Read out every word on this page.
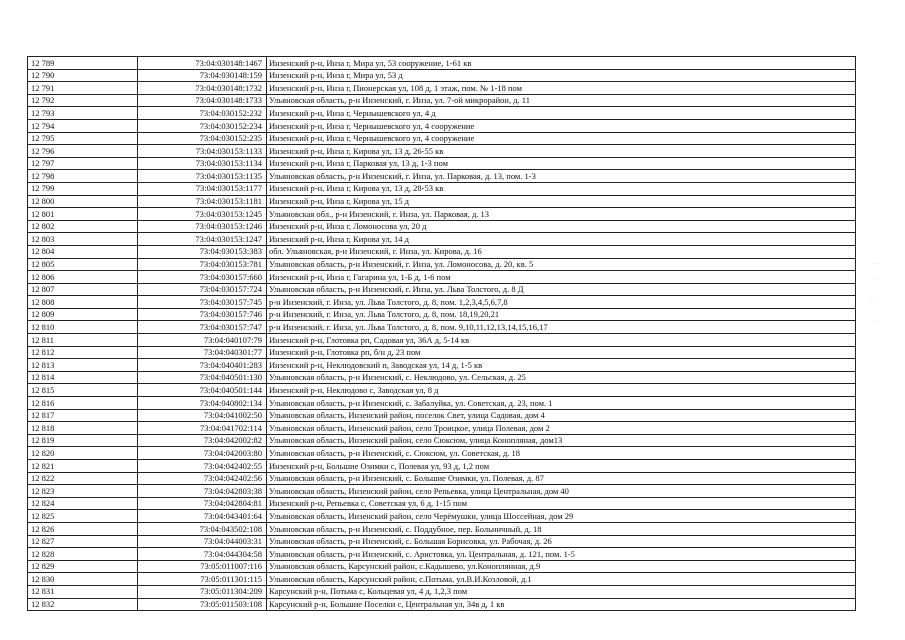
12 789	73:04:030148:1467	Инзенский р-н, Инза г, Мира ул, 53 сооружение, 1-61 кв
12 790	73:04:030148:159	Инзенский р-н, Инза г, Мира ул, 53 д
12 791	73:04:030148:1732	Инзенский р-н, Инза г, Пионерская ул, 108 д, 1 этаж, пом. № 1-18 пом
12 792	73:04:030148:1733	Ульяновская область, р-н Инзенский, г. Инза, ул. 7-ой микрорайон, д. 11
12 793	73:04:030152:232	Инзенский р-н, Инза г, Чернышевского ул, 4 д
12 794	73:04:030152:234	Инзенский р-н, Инза г, Чернышевского ул, 4 сооружение
12 795	73:04:030152:235	Инзенский р-н, Инза г, Чернышевского ул, 4 сооружение
12 796	73:04:030153:1133	Инзенский р-н, Инза г, Кирова ул, 13 д, 26-55 кв
12 797	73:04:030153:1134	Инзенский р-н, Инза г, Парковая ул, 13 д, 1-3 пом
12 798	73:04:030153:1135	Ульяновская область, р-н Инзенский, г. Инза, ул. Парковая, д. 13, пом. 1-3
12 799	73:04:030153:1177	Инзенский р-н, Инза г, Кирова ул, 13 д, 28-53 кв
12 800	73:04:030153:1181	Инзенский р-н, Инза г, Кирова ул, 15 д
12 801	73:04:030153:1245	Ульяновская обл., р-н Инзенский, г. Инза, ул. Парковая, д. 13
12 802	73:04:030153:1246	Инзенский р-н, Инза г, Ломоносова ул, 20 д
12 803	73:04:030153:1247	Инзенский р-н, Инза г, Кирова ул, 14 д
12 804	73:04:030153:383	обл. Ульяновская, р-н Инзенский, г. Инза, ул. Кирова, д. 16
12 805	73:04:030153:781	Ульяновская область, р-н Инзенский, г. Инза, ул. Ломоносова, д. 20, кв. 5
12 806	73:04:030157:660	Инзенский р-н, Инза г, Гагарина ул, 1-Б д, 1-6 пом
12 807	73:04:030157:724	Ульяновская область, р-н Инзенский, г. Инза, ул. Льва Толстого, д. 8 Д
12 808	73:04:030157:745	р-н Инзенский, г. Инза, ул. Льва Толстого, д. 8, пом. 1,2,3,4,5,6,7,8
12 809	73:04:030157:746	р-н Инзенский, г. Инза, ул. Льва Толстого, д. 8, пом. 18,19,20,21
12 810	73:04:030157:747	р-н Инзенский, г. Инза, ул. Льва Толстого, д. 8, пом. 9,10,11,12,13,14,15,16,17
12 811	73:04:040107:79	Инзенский р-н, Глотовка рп, Садовая ул, 36А д, 5-14 кв
12 812	73:04:040301:77	Инзенский р-н, Глотовка рп, б/н д, 23 пом
12 813	73:04:040401:283	Инзенский р-н, Неклюдовский п, Заводская ул, 14 д, 1-5 кв
12 814	73:04:040501:130	Ульяновская область, р-н Инзенский, с. Неклюдово, ул. Сельская, д. 25
12 815	73:04:040501:144	Инзенский р-н, Неклюдово с, Заводская ул, 8 д
12 816	73:04:040802:134	Ульяновская область, р-н Инзенский, с. Забалуйка, ул. Советская, д. 23, пом. 1
12 817	73:04:041002:50	Ульяновская область, Инзенский район, поселок Свет, улица Садовая, дом 4
12 818	73:04:041702:114	Ульяновская область, Инзенский район, село Троицкое, улица Полевая, дом 2
12 819	73:04:042002:82	Ульяновская область, Инзенский район, село Сюксюм, улица Конопляная, дом13
12 820	73:04:042003:80	Ульяновская область, р-н Инзенский, с. Сюксюм, ул. Советская, д. 18
12 821	73:04:042402:55	Инзенский р-н, Большие Озимки с, Полевая ул, 93 д, 1,2 пом
12 822	73:04:042402:56	Ульяновская область, р-н Инзенский, с. Большие Озимки, ул. Полевая, д. 87
12 823	73:04:042803:38	Ульяновская область, Инзенский район, село Репьевка, улица Центральная, дом 40
12 824	73:04:042804:81	Инзенский р-н, Репьевка с, Советская ул, 6 д, 1-15 пом
12 825	73:04:043401:64	Ульяновская область, Инзенский район, село Черёмушки, улица Шоссейная, дом 29
12 826	73:04:043502:108	Ульяновская область, р-н Инзенский, с. Поддубное, пер. Больничный, д. 18
12 827	73:04:044003:31	Ульяновская область, р-н Инзенский, с. Большая Борисовка, ул. Рабочая, д. 26
12 828	73:04:044304:58	Ульяновская область, р-н Инзенский, с. Аристовка, ул. Центральная, д. 121, пом. 1-5
12 829	73:05:011007:116	Ульяновская область, Карсунский район, с.Кадышево, ул.Коноплянная, д.9
12 830	73:05:011301:115	Ульяновская область, Карсунский район, с.Потьма, ул.В.И.Козловой, д.1
12 831	73:05:011304:209	Карсунский р-н, Потьма с, Кольцевая ул, 4 д, 1,2,3 пом
12 832	73:05:011503:108	Карсунский р-н, Большие Поселки с, Центральная ул, 34в д, 1 кв
· ·
·
· ·
·
